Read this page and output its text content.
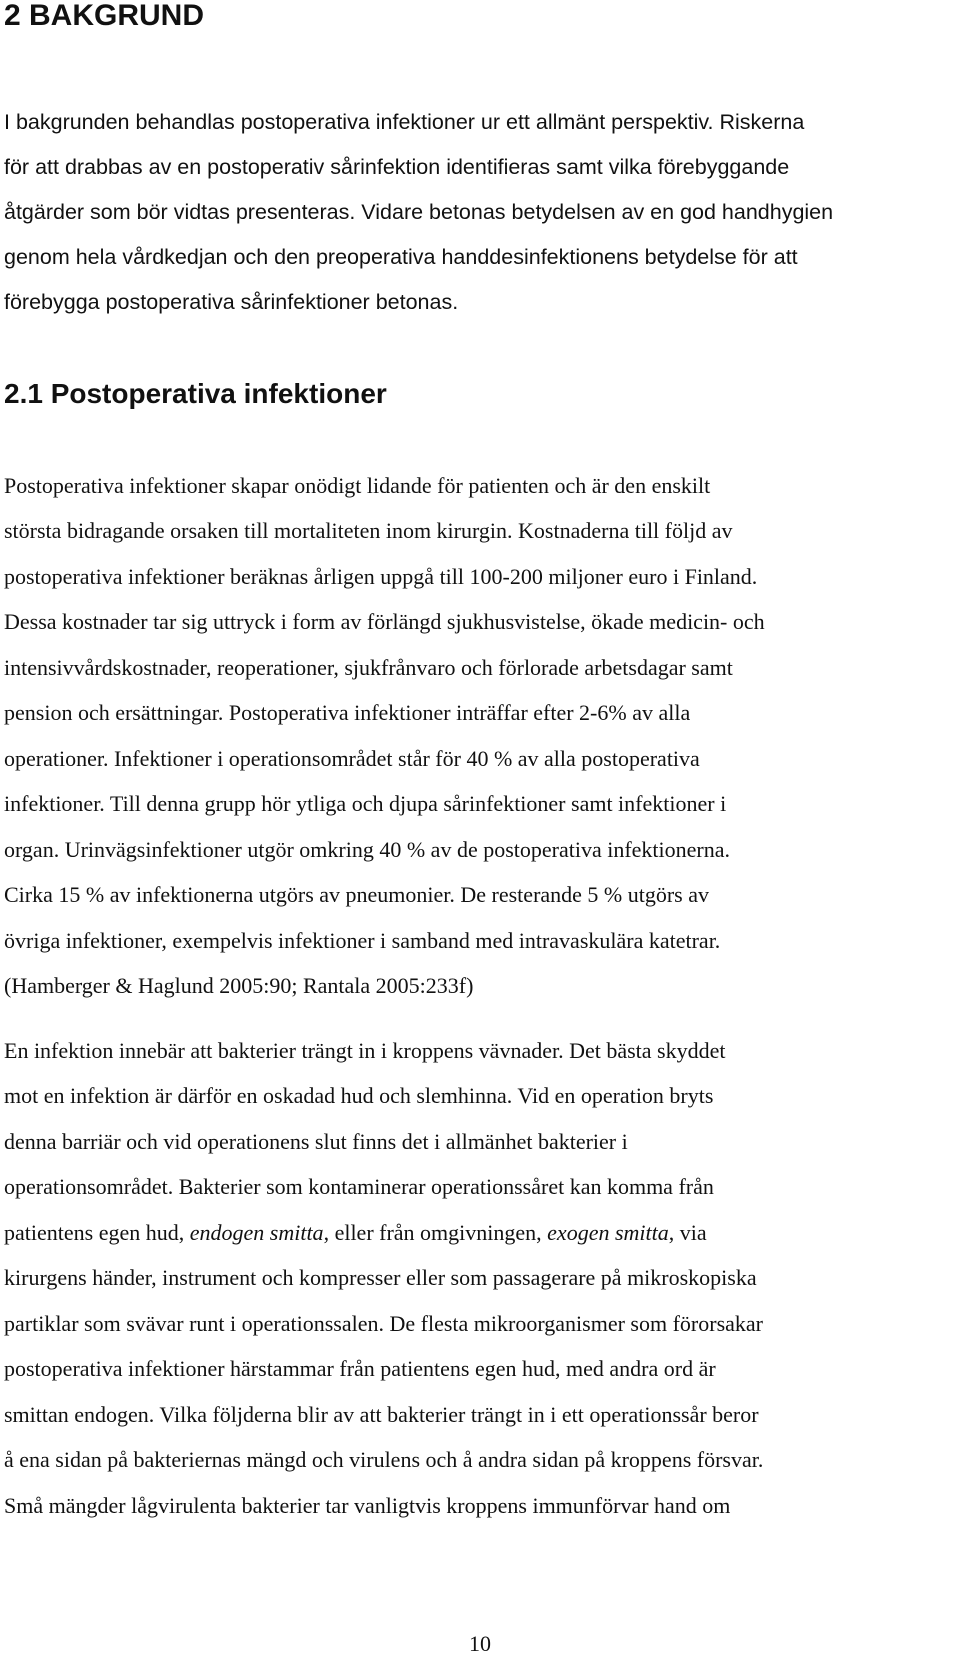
2 BAKGRUND
I bakgrunden behandlas postoperativa infektioner ur ett allmänt perspektiv. Riskerna
för att drabbas av en postoperativ sårinfektion identifieras samt vilka förebyggande
åtgärder som bör vidtas presenteras. Vidare betonas betydelsen av en god handhygien
genom hela vårdkedjan och den preoperativa handdesinfektionens betydelse för att
förebygga postoperativa sårinfektioner betonas.
2.1 Postoperativa infektioner
Postoperativa infektioner skapar onödigt lidande för patienten och är den enskilt
största bidragande orsaken till mortaliteten inom kirurgin. Kostnaderna till följd av
postoperativa infektioner beräknas årligen uppgå till 100-200 miljoner euro i Finland.
Dessa kostnader tar sig uttryck i form av förlängd sjukhusvistelse, ökade medicin- och
intensivvårdskostnader, reoperationer, sjukfrånvaro och förlorade arbetsdagar samt
pension och ersättningar. Postoperativa infektioner inträffar efter 2-6% av alla
operationer. Infektioner i operationsområdet står för 40 % av alla postoperativa
infektioner. Till denna grupp hör ytliga och djupa sårinfektioner samt infektioner i
organ. Urinvägsinfektioner utgör omkring 40 % av de postoperativa infektionerna.
Cirka 15 % av infektionerna utgörs av pneumonier. De resterande 5 % utgörs av
övriga infektioner, exempelvis infektioner i samband med intravaskulära katetrar.
(Hamberger & Haglund 2005:90; Rantala 2005:233f)
En infektion innebär att bakterier trängt in i kroppens vävnader. Det bästa skyddet
mot en infektion är därför en oskadad hud och slemhinna. Vid en operation bryts
denna barriär och vid operationens slut finns det i allmänhet bakterier i
operationsområdet. Bakterier som kontaminerar operationssåret kan komma från
patientens egen hud, endogen smitta, eller från omgivningen, exogen smitta, via
kirurgens händer, instrument och kompresser eller som passagerare på mikroskopiska
partiklar som svävar runt i operationssalen. De flesta mikroorganismer som förorsakar
postoperativa infektioner härstammar från patientens egen hud, med andra ord är
smittan endogen. Vilka följderna blir av att bakterier trängt in i ett operationssår beror
å ena sidan på bakteriernas mängd och virulens och å andra sidan på kroppens försvar.
Små mängder lågvirulenta bakterier tar vanligtvis kroppens immunförvar hand om
10
